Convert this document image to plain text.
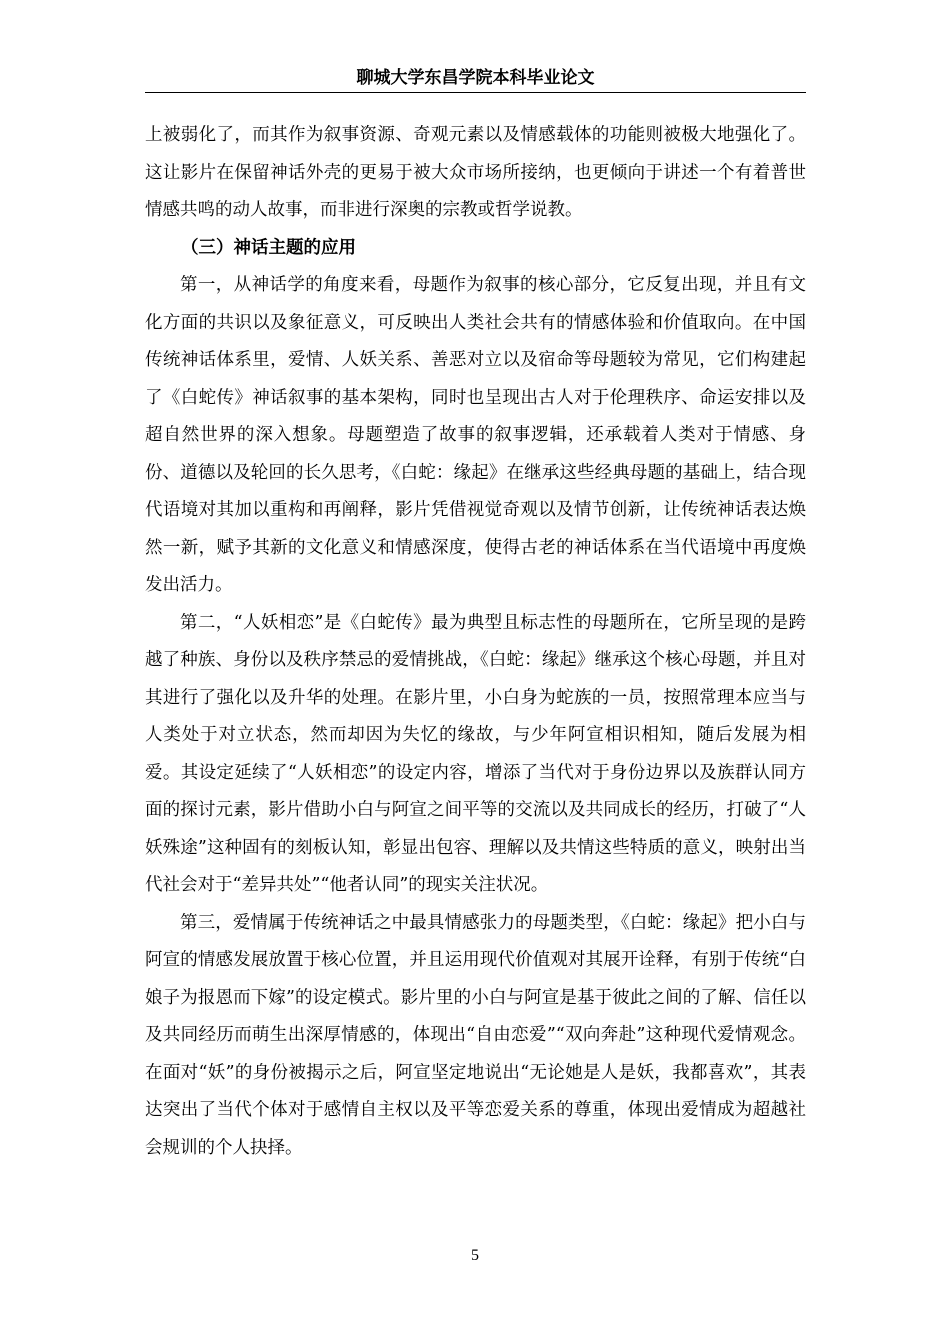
聊城大学东昌学院本科毕业论文

上被弱化了，而其作为叙事资源、奇观元素以及情感载体的功能则被极大地强化了。这让影片在保留神话外壳的更易于被大众市场所接纳，也更倾向于讲述一个有着普世情感共鸣的动人故事，而非进行深奥的宗教或哲学说教。

（三）神话主题的应用

第一，从神话学的角度来看，母题作为叙事的核心部分，它反复出现，并且有文化方面的共识以及象征意义，可反映出人类社会共有的情感体验和价值取向。在中国传统神话体系里，爱情、人妖关系、善恶对立以及宿命等母题较为常见，它们构建起了《白蛇传》神话叙事的基本架构，同时也呈现出古人对于伦理秩序、命运安排以及超自然世界的深入想象。母题塑造了故事的叙事逻辑，还承载着人类对于情感、身份、道德以及轮回的长久思考，《白蛇：缘起》在继承这些经典母题的基础上，结合现代语境对其加以重构和再阐释，影片凭借视觉奇观以及情节创新，让传统神话表达焕然一新，赋予其新的文化意义和情感深度，使得古老的神话体系在当代语境中再度焕发出活力。

第二，“人妖相恋”是《白蛇传》最为典型且标志性的母题所在，它所呈现的是跨越了种族、身份以及秩序禁忌的爱情挑战，《白蛇：缘起》继承这个核心母题，并且对其进行了强化以及升华的处理。在影片里，小白身为蛇族的一员，按照常理本应当与人类处于对立状态，然而却因为失忆的缘故，与少年阿宣相识相知，随后发展为相爱。其设定延续了“人妖相恋”的设定内容，增添了当代对于身份边界以及族群认同方面的探讨元素，影片借助小白与阿宣之间平等的交流以及共同成长的经历，打破了“人妖殊途”这种固有的刻板认知，彰显出包容、理解以及共情这些特质的意义，映射出当代社会对于“差异共处”“他者认同”的现实关注状况。

第三，爱情属于传统神话之中最具情感张力的母题类型，《白蛇：缘起》把小白与阿宣的情感发展放置于核心位置，并且运用现代价值观对其展开诠释，有别于传统“白娘子为报恩而下嫁”的设定模式。影片里的小白与阿宣是基于彼此之间的了解、信任以及共同经历而萌生出深厚情感的，体现出“自由恋爱”“双向奔赴”这种现代爱情观念。在面对“妖”的身份被揭示之后，阿宣坚定地说出“无论她是人是妖，我都喜欢”，其表达突出了当代个体对于感情自主权以及平等恋爱关系的尊重，体现出爱情成为超越社会规训的个人抉择。

5
